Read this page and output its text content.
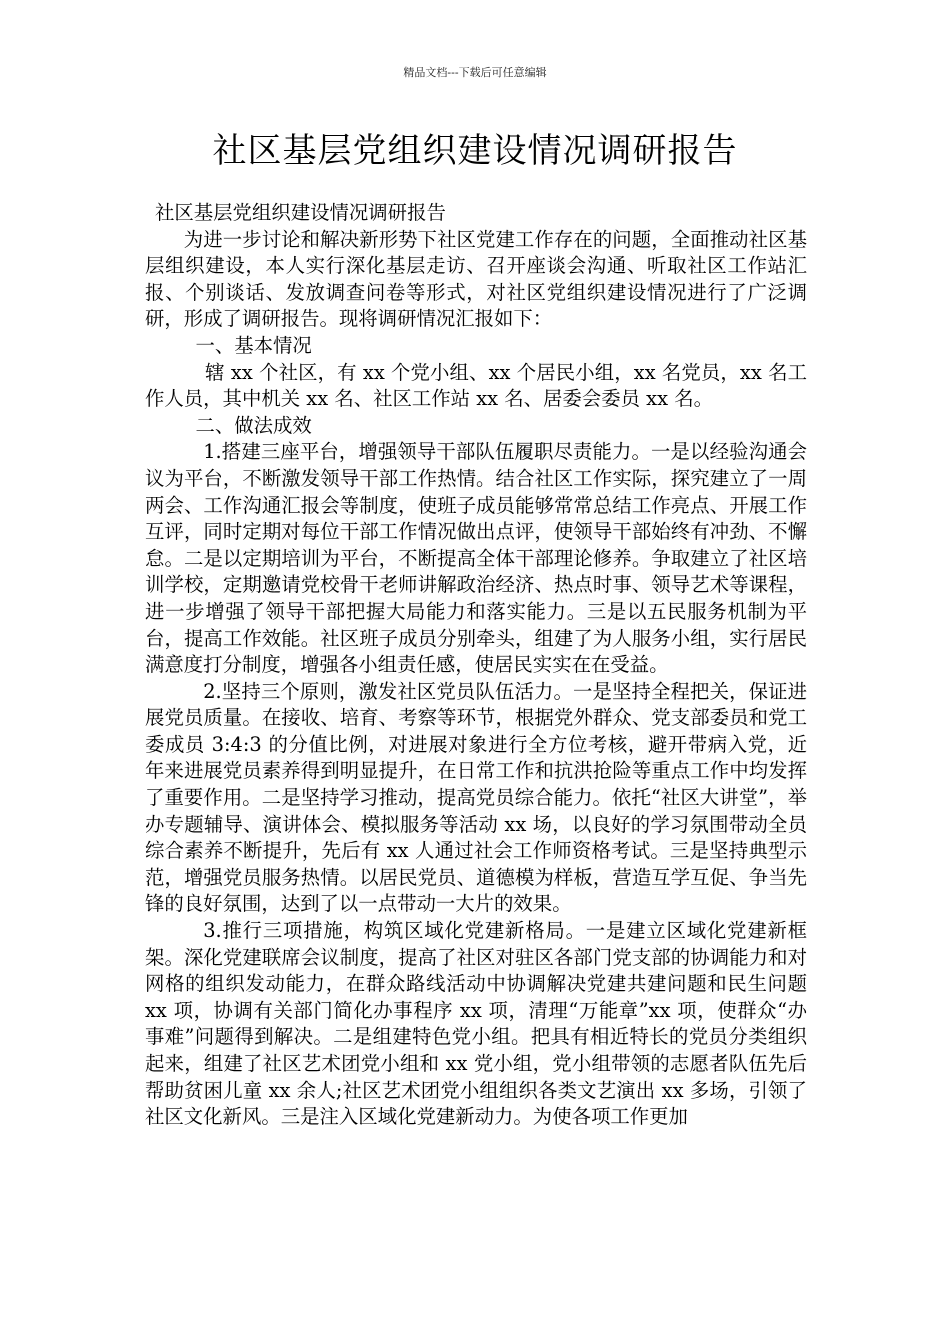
精品文档---下载后可任意编辑
社区基层党组织建设情况调研报告

社区基层党组织建设情况调研报告

为进一步讨论和解决新形势下社区党建工作存在的问题，全面推动社区基层组织建设，本人实行深化基层走访、召开座谈会沟通、听取社区工作站汇报、个别谈话、发放调查问卷等形式，对社区党组织建设情况进行了广泛调研，形成了调研报告。现将调研情况汇报如下：

一、基本情况

辖 xx 个社区，有 xx 个党小组、xx 个居民小组，xx 名党员，xx 名工作人员，其中机关 xx 名、社区工作站 xx 名、居委会委员 xx 名。

二、做法成效

1.搭建三座平台，增强领导干部队伍履职尽责能力。一是以经验沟通会议为平台，不断激发领导干部工作热情。结合社区工作实际，探究建立了一周两会、工作沟通汇报会等制度，使班子成员能够常常总结工作亮点、开展工作互评，同时定期对每位干部工作情况做出点评，使领导干部始终有冲劲、不懈怠。二是以定期培训为平台，不断提高全体干部理论修养。争取建立了社区培训学校，定期邀请党校骨干老师讲解政治经济、热点时事、领导艺术等课程，进一步增强了领导干部把握大局能力和落实能力。三是以五民服务机制为平台，提高工作效能。社区班子成员分别牵头，组建了为人服务小组，实行居民满意度打分制度，增强各小组责任感，使居民实实在在受益。

2.坚持三个原则，激发社区党员队伍活力。一是坚持全程把关，保证进展党员质量。在接收、培育、考察等环节，根据党外群众、党支部委员和党工委成员 3:4:3 的分值比例，对进展对象进行全方位考核，避开带病入党，近年来进展党员素养得到明显提升，在日常工作和抗洪抢险等重点工作中均发挥了重要作用。二是坚持学习推动，提高党员综合能力。依托“社区大讲堂”，举办专题辅导、演讲体会、模拟服务等活动 xx 场，以良好的学习氛围带动全员综合素养不断提升，先后有 xx 人通过社会工作师资格考试。三是坚持典型示范，增强党员服务热情。以居民党员、道德模为样板，营造互学互促、争当先锋的良好氛围，达到了以一点带动一大片的效果。

3.推行三项措施，构筑区域化党建新格局。一是建立区域化党建新框架。深化党建联席会议制度，提高了社区对驻区各部门党支部的协调能力和对网格的组织发动能力，在群众路线活动中协调解决党建共建问题和民生问题 xx 项，协调有关部门简化办事程序 xx 项，清理“万能章”xx 项，使群众“办事难”问题得到解决。二是组建特色党小组。把具有相近特长的党员分类组织起来，组建了社区艺术团党小组和 xx 党小组，党小组带领的志愿者队伍先后帮助贫困儿童 xx 余人;社区艺术团党小组组织各类文艺演出 xx 多场，引领了社区文化新风。三是注入区域化党建新动力。为使各项工作更加
